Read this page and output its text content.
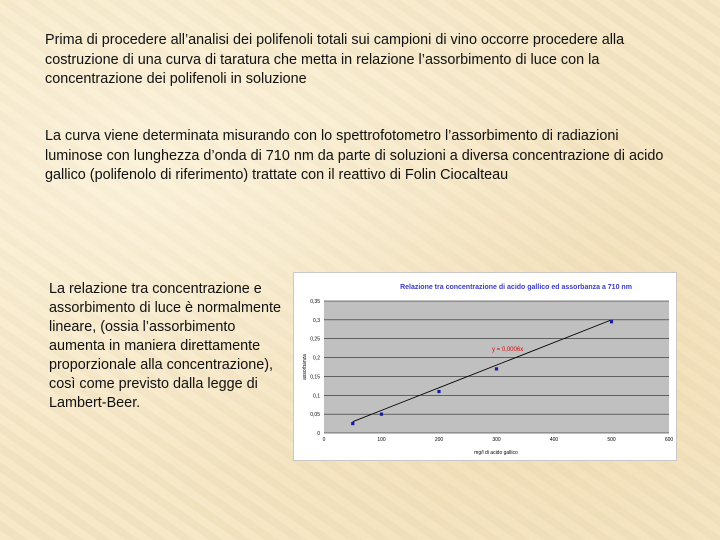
Prima di procedere all’analisi dei polifenoli totali sui campioni di vino occorre procedere alla costruzione di una curva di taratura che metta in relazione l’assorbimento di luce con la concentrazione dei polifenoli in soluzione

La curva viene determinata misurando con lo spettrofotometro l’assorbimento di radiazioni luminose con lunghezza d’onda di 710 nm da parte di soluzioni a diversa concentrazione di acido gallico (polifenolo di riferimento) trattate con il reattivo di Folin Ciocalteau

La relazione tra concentrazione e assorbimento di luce è normalmente lineare, (ossia l’assorbimento aumenta in maniera direttamente proporzionale alla concentrazione), così come previsto dalla legge di Lambert-Beer.

Relazione tra concentrazione di acido gallico ed assorbanza a 710 nm
0
0,05
0,1
0,15
0,2
0,25
0,3
0,35
0	100	200	300	400	500	600
y = 0,0006x
mg/l di acido gallico
assorbanza
